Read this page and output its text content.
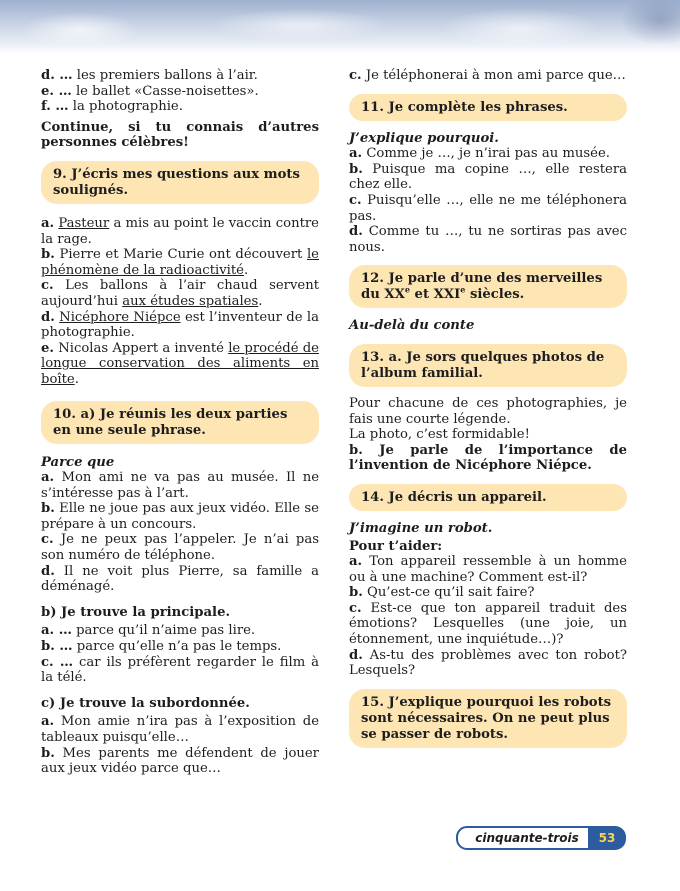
d. … les premiers ballons à l’air.

e. … le ballet «Casse-noisettes».

f. … la photographie.

Continue, si tu connais d’autres personnes célèbres!

9. J’écris mes questions aux mots soulignés.

a. Pasteur a mis au point le vaccin contre la rage.

b. Pierre et Marie Curie ont découvert le phénomène de la radioactivité.

c. Les ballons à l’air chaud servent aujourd’hui aux études spatiales.

d. Nicéphore Niépce est l’inventeur de la photographie.

e. Nicolas Appert a inventé le procédé de longue conservation des aliments en boîte.

10. a) Je réunis les deux parties en une seule phrase.

Parce que

a. Mon ami ne va pas au musée. Il ne s’intéresse pas à l’art.

b. Elle ne joue pas aux jeux vidéo. Elle se prépare à un concours.

c. Je ne peux pas l’appeler. Je n’ai pas son numéro de téléphone.

d. Il ne voit plus Pierre, sa famille a déménagé.

b) Je trouve la principale.

a. … parce qu’il n’aime pas lire.

b. … parce qu’elle n’a pas le temps.

c. … car ils préfèrent regarder le film à la télé.

c) Je trouve la subordonnée.

a. Mon amie n’ira pas à l’exposition de tableaux puisqu’elle…

b. Mes parents me défendent de jouer aux jeux vidéo parce que…

c. Je téléphonerai à mon ami parce que…

11. Je complète les phrases.

J’explique pourquoi.

a. Comme je …, je n’irai pas au musée.

b. Puisque ma copine …, elle restera chez elle.

c. Puisqu’elle …, elle ne me téléphonera pas.

d. Comme tu …, tu ne sortiras pas avec nous.

12. Je parle d’une des merveilles du XXe et XXIe siècles.

Au-delà du conte

13. a. Je sors quelques photos de l’album familial.

Pour chacune de ces photographies, je fais une courte légende.

La photo, c’est formidable!

b. Je parle de l’importance de l’invention de Nicéphore Niépce.

14. Je décris un appareil.

J’imagine un robot.

Pour t’aider:

a. Ton appareil ressemble à un homme ou à une machine? Comment est-il?

b. Qu’est-ce qu’il sait faire?

c. Est-ce que ton appareil traduit des émotions? Lesquelles (une joie, un étonnement, une inquiétude…)?

d. As-tu des problèmes avec ton robot? Lesquels?

15. J’explique pourquoi les robots sont nécessaires. On ne peut plus se passer de robots.
cinquante-trois	53
